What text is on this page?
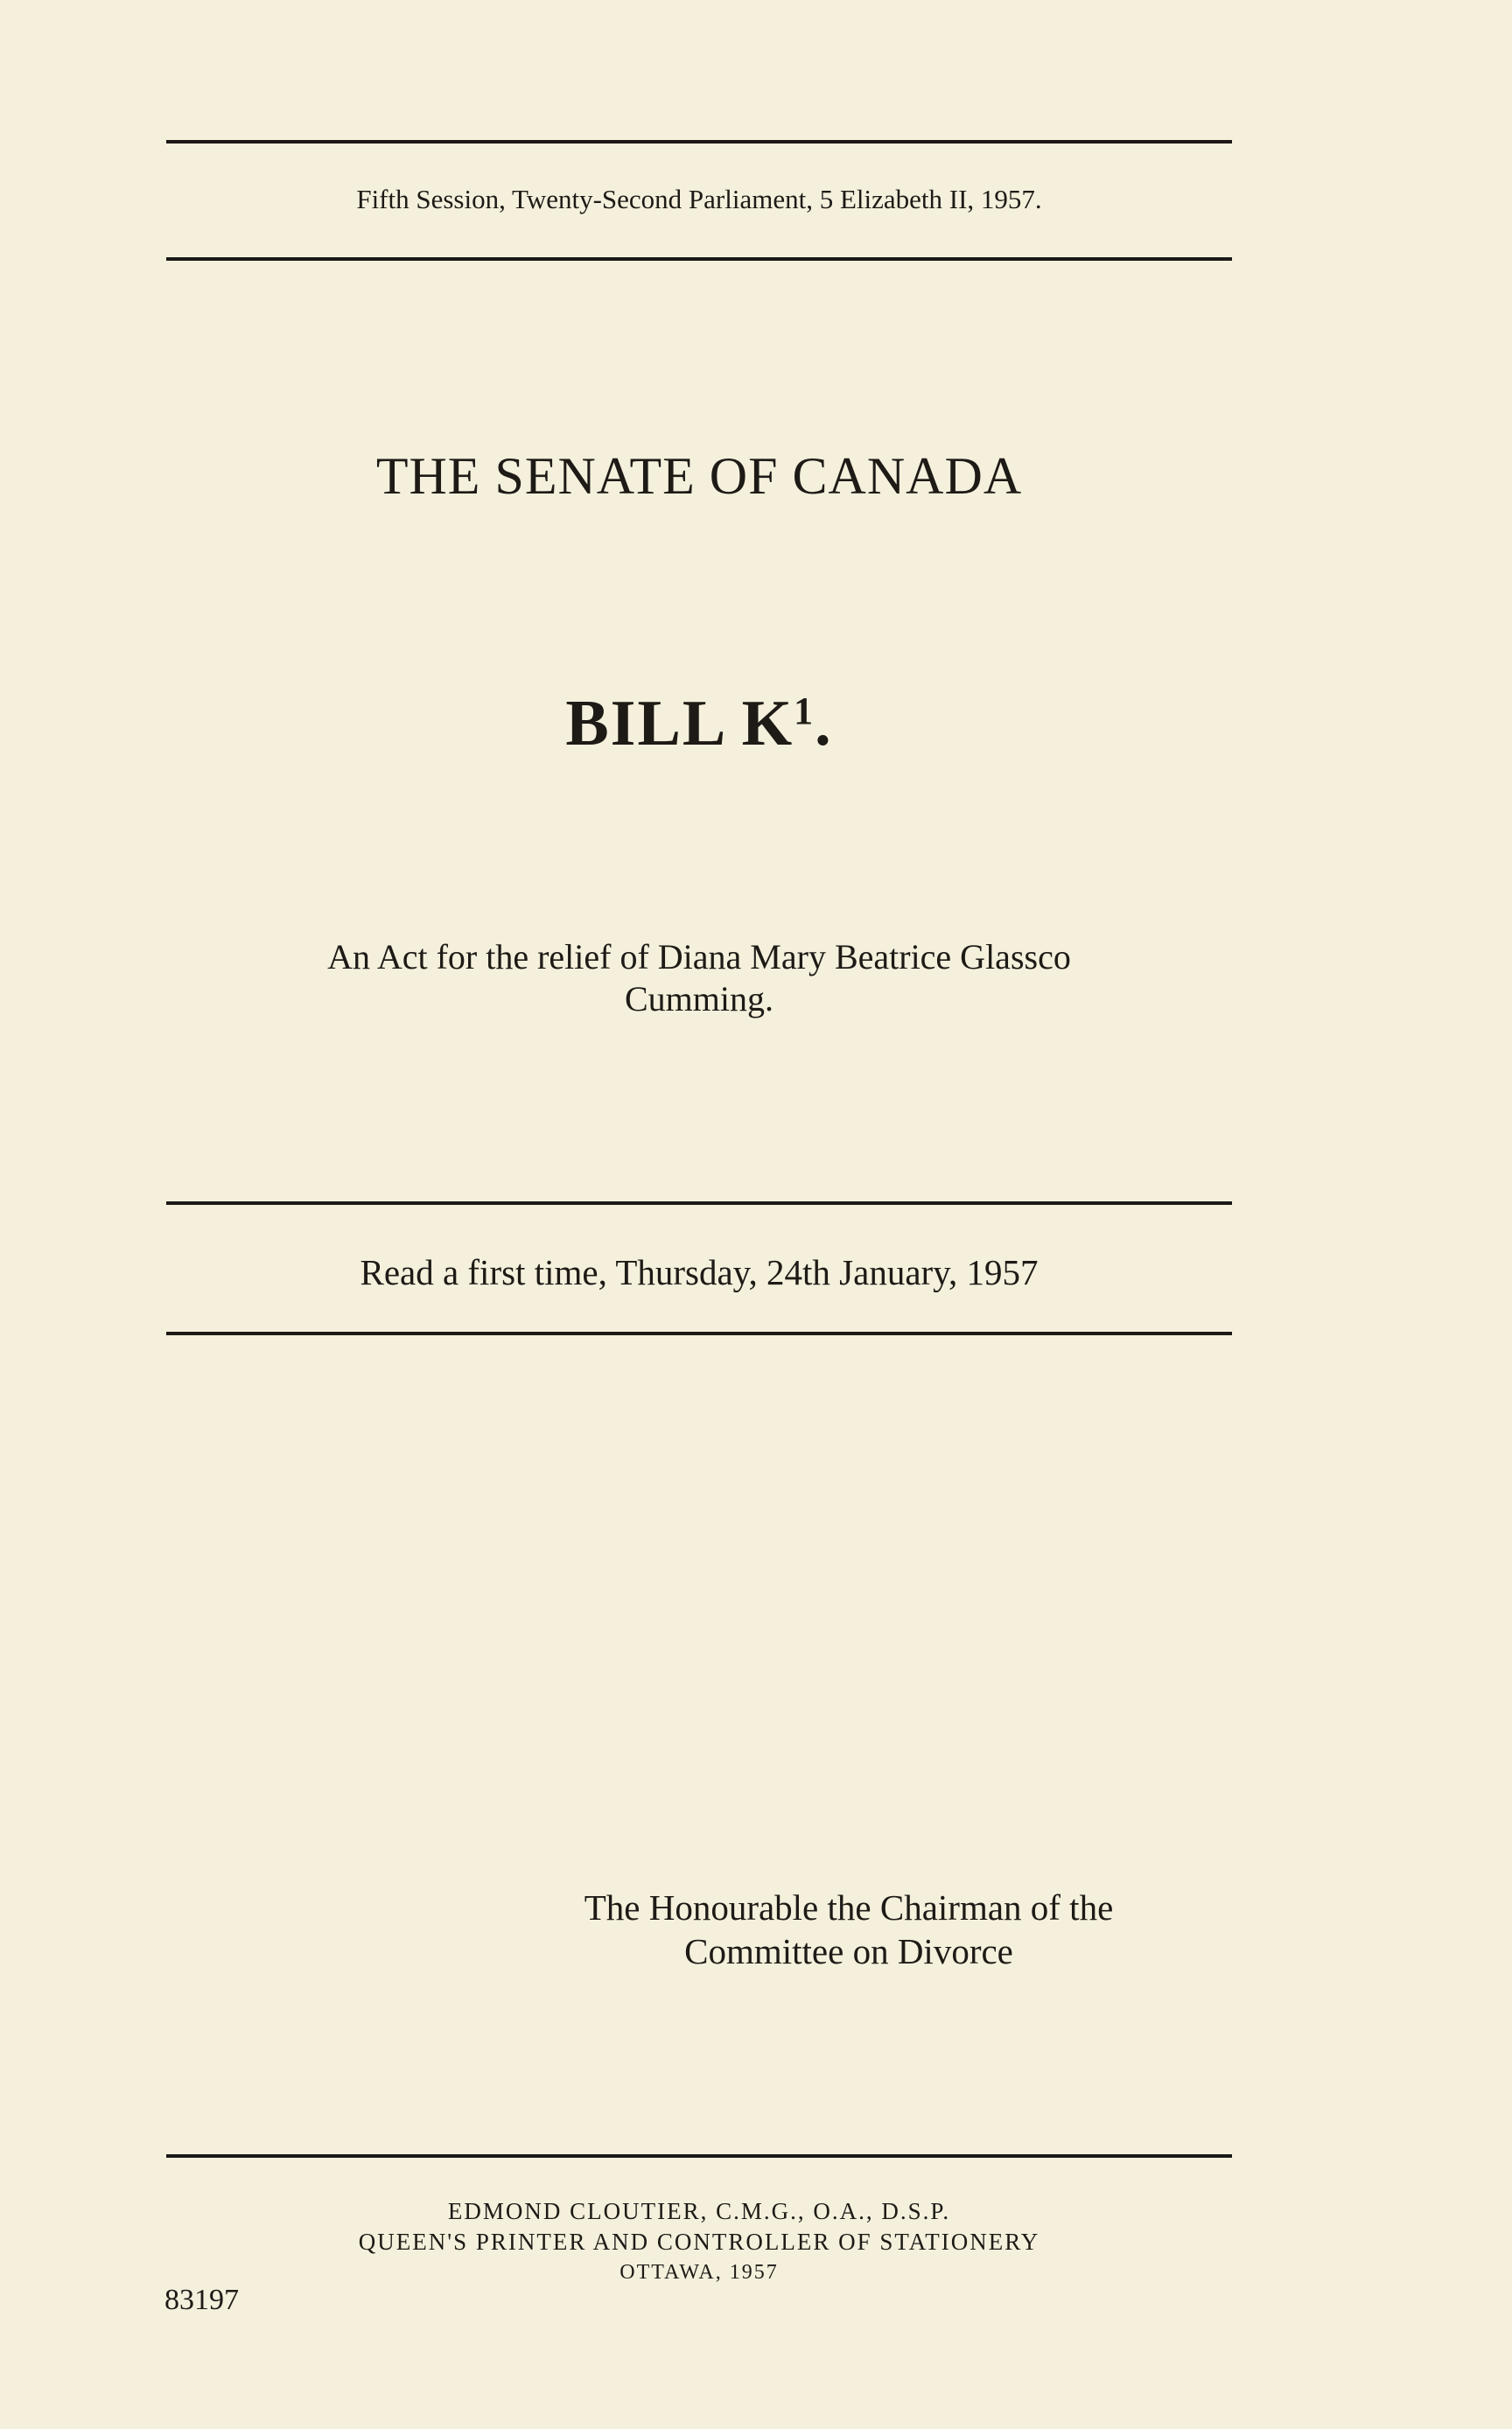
Fifth Session, Twenty-Second Parliament, 5 Elizabeth II, 1957.
THE SENATE OF CANADA
BILL $K^1$.
An Act for the relief of Diana Mary Beatrice Glassco
Cumming.
Read a first time, Thursday, 24th January, 1957
The Honourable the Chairman of the
Committee on Divorce
EDMOND CLOUTIER, C.M.G., O.A., D.S.P.
QUEEN'S PRINTER AND CONTROLLER OF STATIONERY
OTTAWA, 1957
83197
